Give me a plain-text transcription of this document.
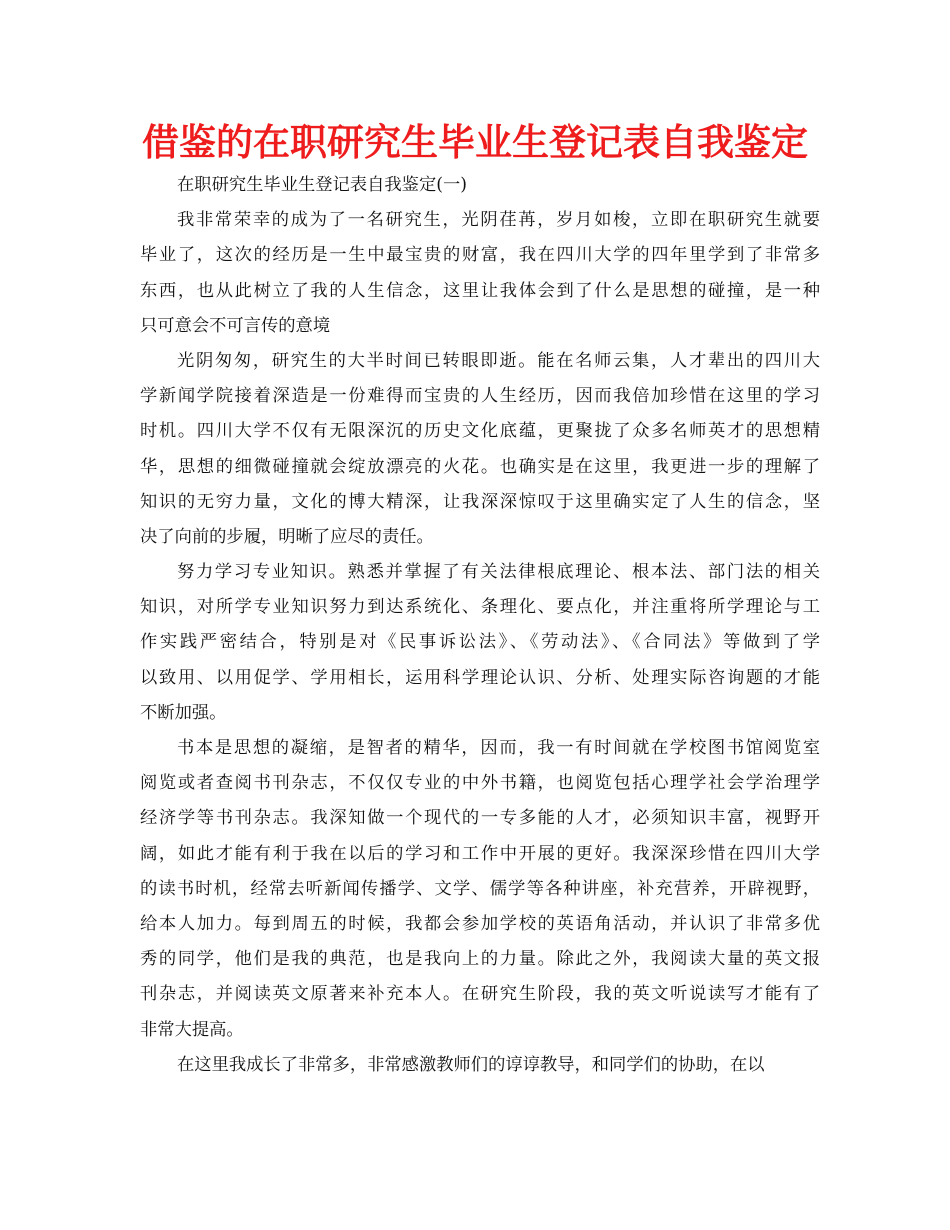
借鉴的在职研究生毕业生登记表自我鉴定
在职研究生毕业生登记表自我鉴定(一)
我非常荣幸的成为了一名研究生，光阴荏苒，岁月如梭，立即在职研究生就要
毕业了，这次的经历是一生中最宝贵的财富，我在四川大学的四年里学到了非常多
东西，也从此树立了我的人生信念，这里让我体会到了什么是思想的碰撞，是一种
只可意会不可言传的意境
光阴匆匆，研究生的大半时间已转眼即逝。能在名师云集，人才辈出的四川大
学新闻学院接着深造是一份难得而宝贵的人生经历，因而我倍加珍惜在这里的学习
时机。四川大学不仅有无限深沉的历史文化底蕴，更聚拢了众多名师英才的思想精
华，思想的细微碰撞就会绽放漂亮的火花。也确实是在这里，我更进一步的理解了
知识的无穷力量，文化的博大精深，让我深深惊叹于这里确实定了人生的信念，坚
决了向前的步履，明晰了应尽的责任。
努力学习专业知识。熟悉并掌握了有关法律根底理论、根本法、部门法的相关
知识，对所学专业知识努力到达系统化、条理化、要点化，并注重将所学理论与工
作实践严密结合，特别是对《民事诉讼法》、《劳动法》、《合同法》等做到了学
以致用、以用促学、学用相长，运用科学理论认识、分析、处理实际咨询题的才能
不断加强。
书本是思想的凝缩，是智者的精华，因而，我一有时间就在学校图书馆阅览室
阅览或者查阅书刊杂志，不仅仅专业的中外书籍，也阅览包括心理学社会学治理学
经济学等书刊杂志。我深知做一个现代的一专多能的人才，必须知识丰富，视野开
阔，如此才能有利于我在以后的学习和工作中开展的更好。我深深珍惜在四川大学
的读书时机，经常去听新闻传播学、文学、儒学等各种讲座，补充营养，开辟视野，
给本人加力。每到周五的时候，我都会参加学校的英语角活动，并认识了非常多优
秀的同学，他们是我的典范，也是我向上的力量。除此之外，我阅读大量的英文报
刊杂志，并阅读英文原著来补充本人。在研究生阶段，我的英文听说读写才能有了
非常大提高。
在这里我成长了非常多，非常感激教师们的谆谆教导，和同学们的协助，在以
